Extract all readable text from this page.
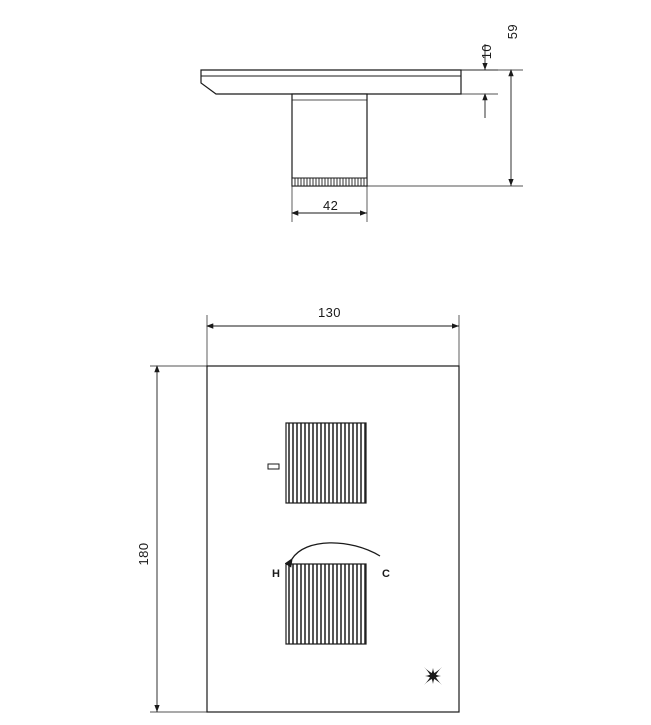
42
10
59
130
180
H	C
